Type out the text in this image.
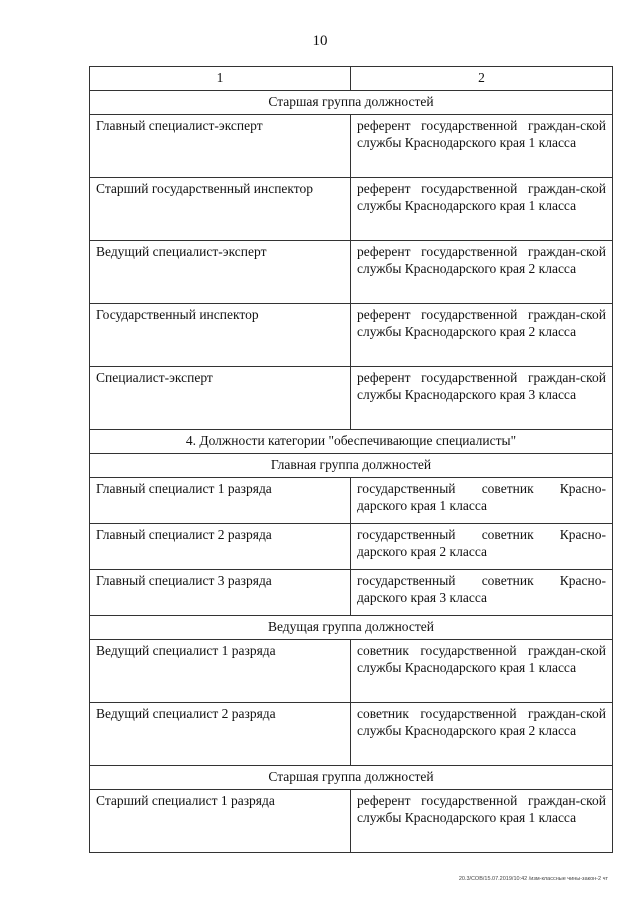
10
1	2
Старшая группа должностей	
Главный специалист-эксперт	референт государственной граждан-ской службы Краснодарского края 1 класса
Старший государственный инспектор	референт государственной граждан-ской службы Краснодарского края 1 класса
Ведущий специалист-эксперт	референт государственной граждан-ской службы Краснодарского края 2 класса
Государственный инспектор	референт государственной граждан-ской службы Краснодарского края 2 класса
Специалист-эксперт	референт государственной граждан-ской службы Краснодарского края 3 класса
4. Должности категории "обеспечивающие специалисты"	
Главная группа должностей	
Главный специалист 1 разряда	государственный советник Красно-дарского края 1 класса
Главный специалист 2 разряда	государственный советник Красно-дарского края 2 класса
Главный специалист 3 разряда	государственный советник Красно-дарского края 3 класса
Ведущая группа должностей	
Ведущий специалист 1 разряда	советник государственной граждан-ской службы Краснодарского края 1 класса
Ведущий специалист 2 разряда	советник государственной граждан-ской службы Краснодарского края 2 класса
Старшая группа должностей	
Старший специалист 1 разряда	референт государственной граждан-ской службы Краснодарского края 1 класса
20.3/СОВ/15.07.2019/10:42 /изм-классные чины-закон-2 чт
